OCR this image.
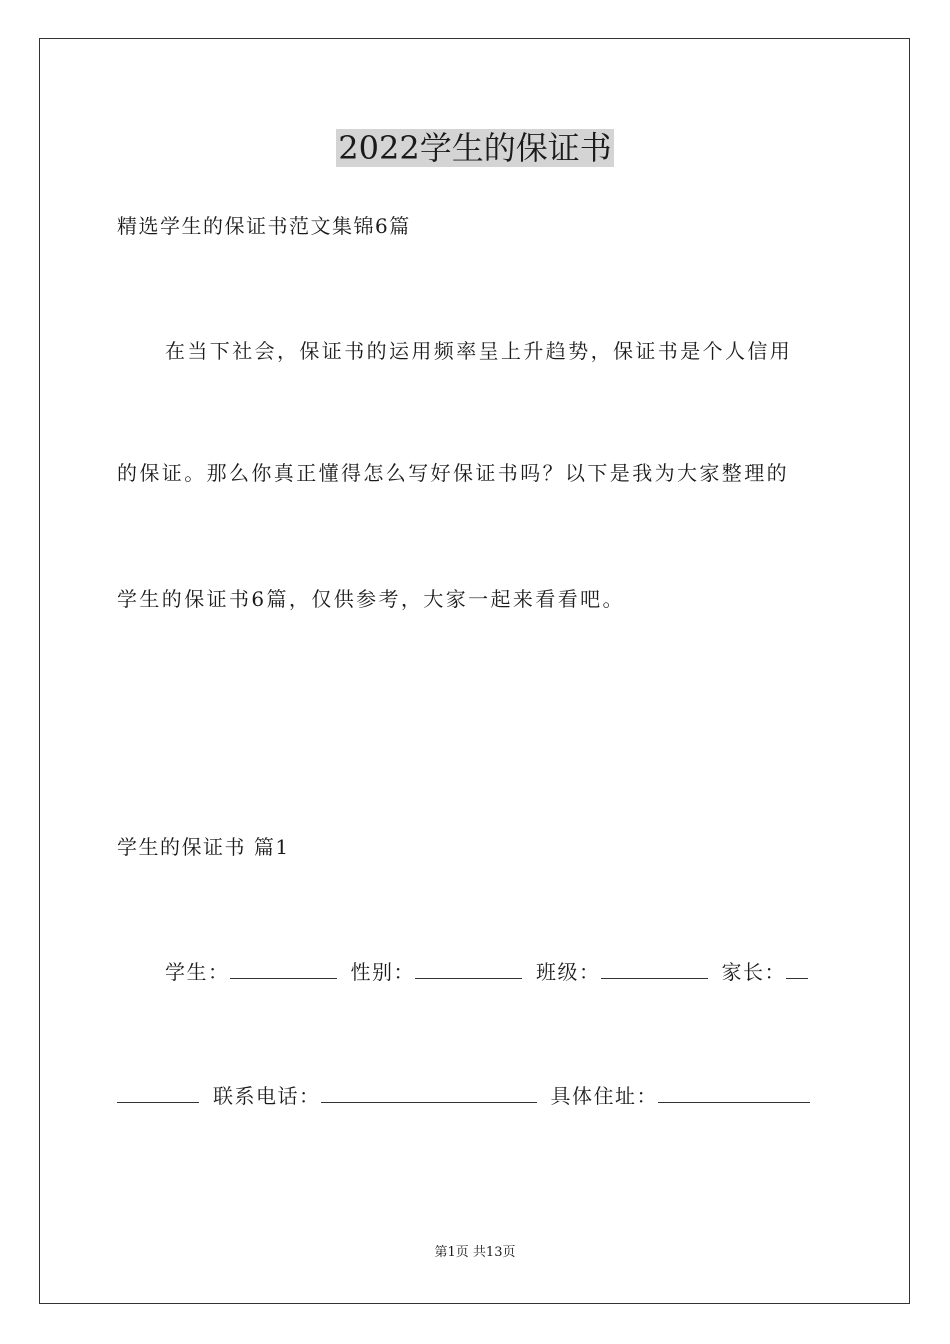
2022学生的保证书
精选学生的保证书范文集锦6篇
在当下社会，保证书的运用频率呈上升趋势，保证书是个人信用
的保证。那么你真正懂得怎么写好保证书吗？以下是我为大家整理的
学生的保证书6篇，仅供参考，大家一起来看看吧。
学生的保证书 篇1
学生：	性别：	班级：	家长：
联系电话：	具体住址：
第1页 共13页
